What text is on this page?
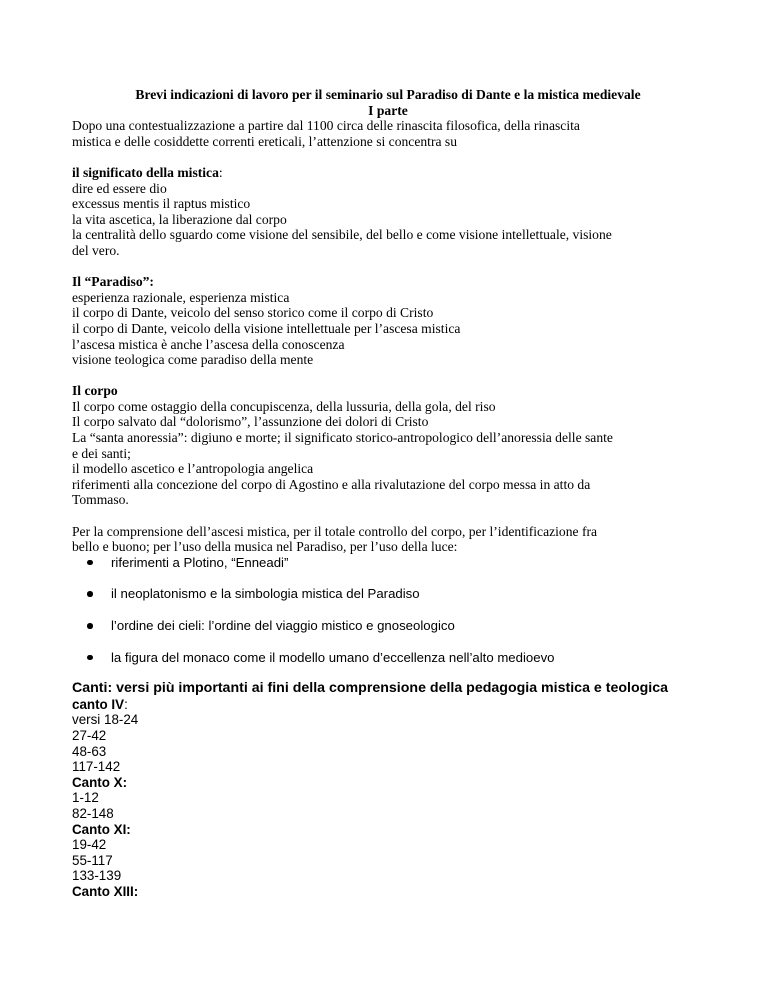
Brevi indicazioni di lavoro per il seminario sul Paradiso di Dante e la mistica medievale
I parte
Dopo una contestualizzazione a partire dal 1100 circa delle rinascita filosofica, della rinascita
mistica e delle cosiddette correnti ereticali, l’attenzione si concentra su
il significato della mistica:
dire ed essere dio
excessus mentis il raptus mistico
la vita ascetica, la liberazione dal corpo
la centralità dello sguardo come visione del sensibile, del bello e come visione intellettuale, visione
del vero.
Il “Paradiso”:
esperienza razionale, esperienza mistica
il corpo di Dante, veicolo del senso storico come il corpo di Cristo
il corpo di Dante, veicolo della visione intellettuale per l’ascesa mistica
l’ascesa mistica è anche l’ascesa della conoscenza
visione teologica come paradiso della mente
Il corpo
Il corpo come ostaggio della concupiscenza, della lussuria, della gola, del riso
Il corpo salvato dal “dolorismo”, l’assunzione dei dolori di Cristo
La “santa anoressia”: digiuno e morte; il significato storico-antropologico dell’anoressia delle sante
e dei santi;
il modello ascetico e l’antropologia angelica
riferimenti alla concezione del corpo di Agostino e alla rivalutazione del corpo messa in atto da
Tommaso.
Per la comprensione dell’ascesi mistica, per il totale controllo del corpo, per l’identificazione fra
bello e buono; per l’uso della musica nel Paradiso, per l’uso della luce:
riferimenti a Plotino, “Enneadi”
il neoplatonismo e la simbologia mistica del Paradiso
l’ordine dei cieli: l’ordine del viaggio mistico e gnoseologico
la figura del monaco come il modello umano d’eccellenza nell’alto medioevo
Canti: versi più importanti ai fini della comprensione della pedagogia mistica e teologica
canto IV:
versi 18-24
27-42
48-63
117-142
Canto X:
1-12
82-148
Canto XI:
19-42
55-117
133-139
Canto XIII:
